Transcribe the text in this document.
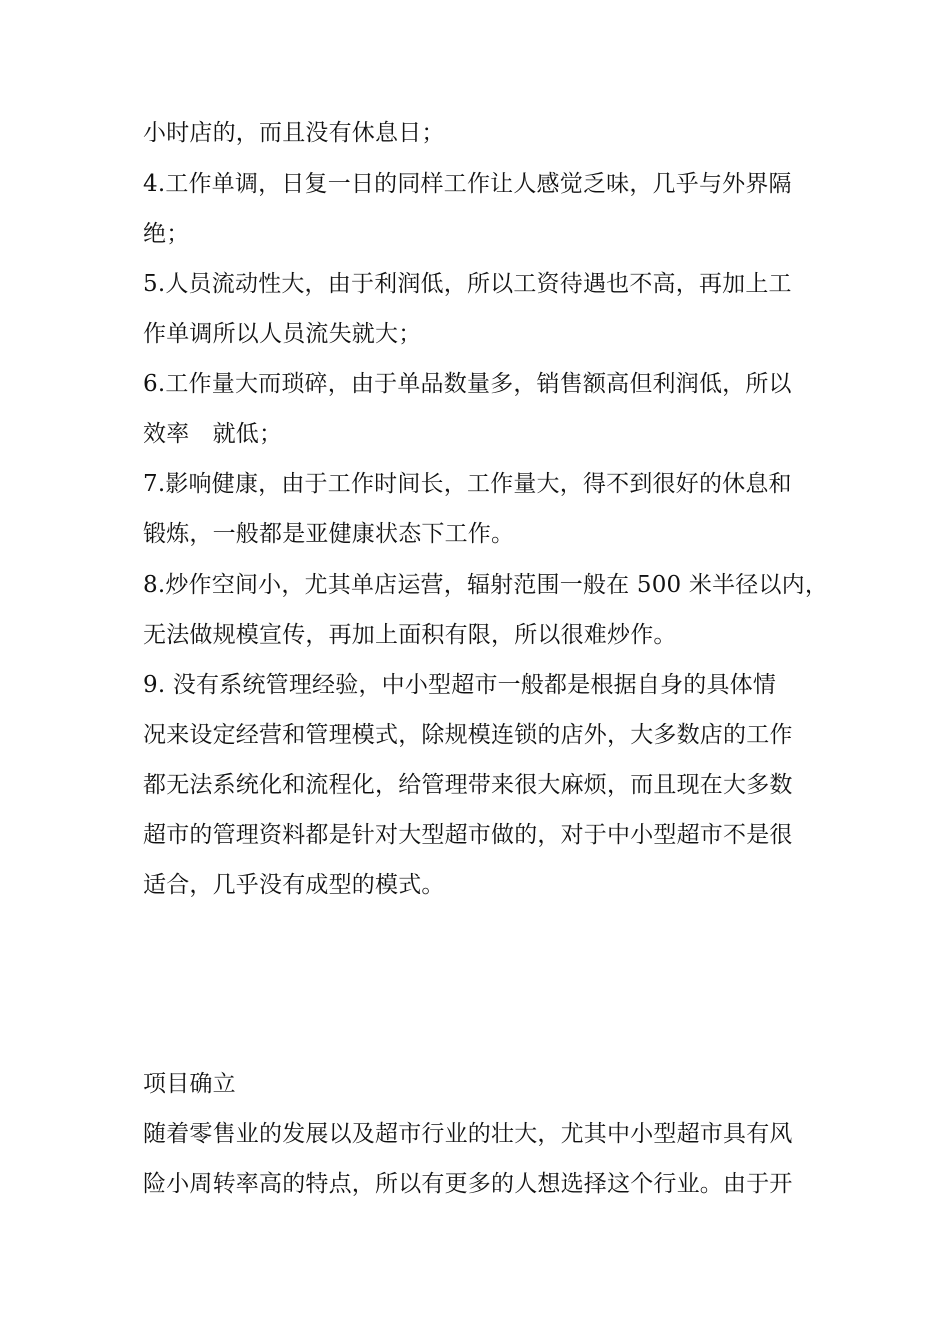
小时店的，而且没有休息日；
4.工作单调，日复一日的同样工作让人感觉乏味，几乎与外界隔
绝；
5.人员流动性大，由于利润低，所以工资待遇也不高，再加上工
作单调所以人员流失就大；
6.工作量大而琐碎，由于单品数量多，销售额高但利润低，所以
效率　就低；
7.影响健康，由于工作时间长，工作量大，得不到很好的休息和
锻炼，一般都是亚健康状态下工作。
8.炒作空间小，尤其单店运营，辐射范围一般在 500 米半径以内，
无法做规模宣传，再加上面积有限，所以很难炒作。
9. 没有系统管理经验，中小型超市一般都是根据自身的具体情
况来设定经营和管理模式，除规模连锁的店外，大多数店的工作
都无法系统化和流程化，给管理带来很大麻烦，而且现在大多数
超市的管理资料都是针对大型超市做的，对于中小型超市不是很
适合，几乎没有成型的模式。
项目确立
随着零售业的发展以及超市行业的壮大，尤其中小型超市具有风
险小周转率高的特点，所以有更多的人想选择这个行业。由于开
